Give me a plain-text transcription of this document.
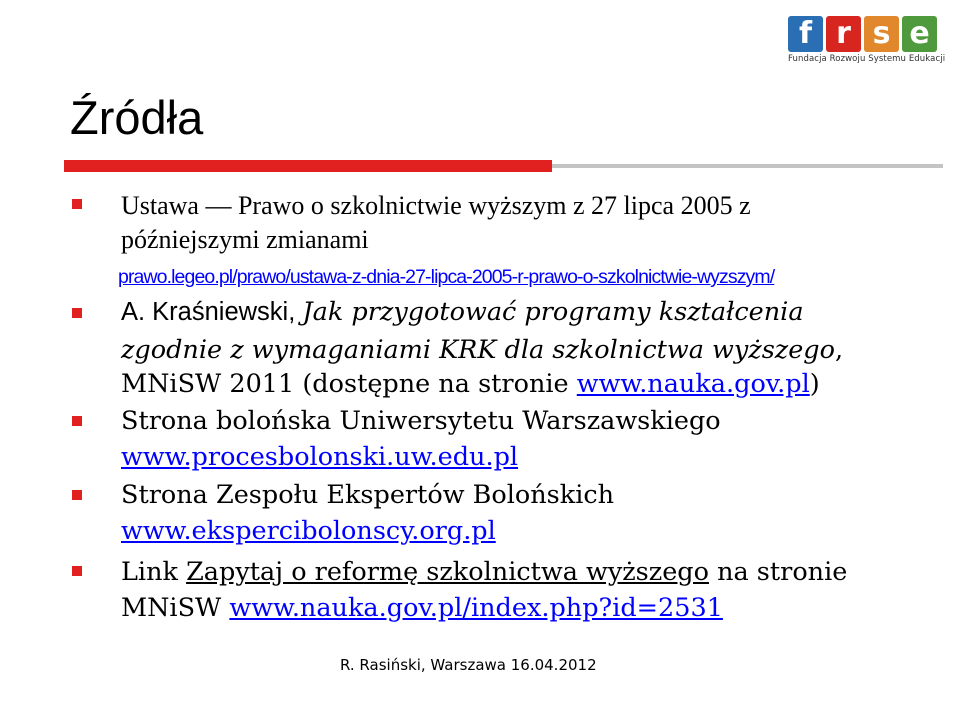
f r s e
Fundacja Rozwoju Systemu Edukacji
Źródła
Ustawa — Prawo o szkolnictwie wyższym z 27 lipca 2005 z
późniejszymi zmianami
prawo.legeo.pl/prawo/ustawa-z-dnia-27-lipca-2005-r-prawo-o-szkolnictwie-wyzszym/
A. Kraśniewski, Jak przygotować programy kształcenia
zgodnie z wymaganiami KRK dla szkolnictwa wyższego,
MNiSW 2011 (dostępne na stronie www.nauka.gov.pl)
Strona bolońska Uniwersytetu Warszawskiego
www.procesbolonski.uw.edu.pl
Strona Zespołu Ekspertów Bolońskich
www.ekspercibolonscy.org.pl
Link Zapytaj o reformę szkolnictwa wyższego na stronie
MNiSW www.nauka.gov.pl/index.php?id=2531
R. Rasiński, Warszawa 16.04.2012
